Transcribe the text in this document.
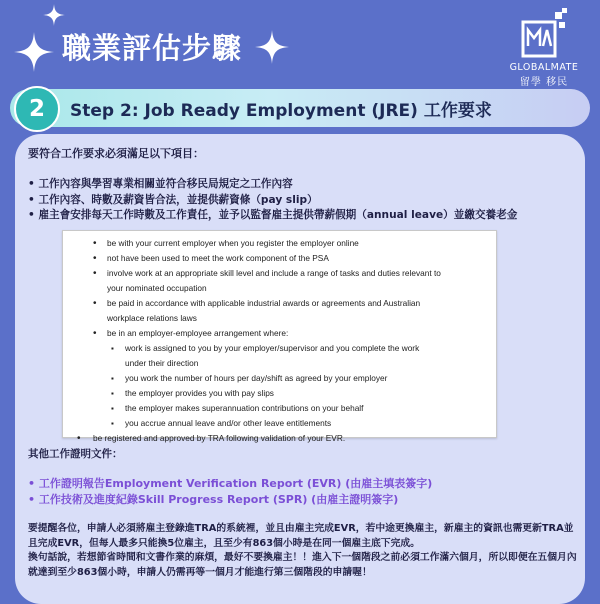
職業評估步驟
GLOBALMATE
留學 移民
2	Step 2: Job Ready Employment (JRE) 工作要求
要符合工作要求必須滿足以下項目：
• 工作內容與學習專業相關並符合移民局規定之工作內容
• 工作內容、時數及薪資皆合法，並提供薪資條（pay slip）
• 雇主會安排每天工作時數及工作責任，並予以監督雇主提供帶薪假期（annual leave）並繳交養老金
• be with your current employer when you register the employer online
• not have been used to meet the work component of the PSA
• involve work at an appropriate skill level and include a range of tasks and duties relevant to
your nominated occupation
• be paid in accordance with applicable industrial awards or agreements and Australian
workplace relations laws
• be in an employer-employee arrangement where:
▪ work is assigned to you by your employer/supervisor and you complete the work
under their direction
▪ you work the number of hours per day/shift as agreed by your employer
▪ the employer provides you with pay slips
▪ the employer makes superannuation contributions on your behalf
▪ you accrue annual leave and/or other leave entitlements
• be registered and approved by TRA following validation of your EVR.
其他工作證明文件：
• 工作證明報告Employment Verification Report (EVR) (由雇主填表簽字)
• 工作技術及進度紀錄Skill Progress Report (SPR) (由雇主證明簽字)

要提醒各位，申請人必須將雇主登錄進TRA的系統裡，並且由雇主完成EVR，若中途更換雇主，新雇主的資訊也需更新TRA並且完成EVR，但每人最多只能換5位雇主，且至少有863個小時是在同一個雇主底下完成。

換句話說，若想節省時間和文書作業的麻煩，最好不要換雇主！！進入下一個階段之前必須工作滿六個月，所以即便在五個月內就達到至少863個小時，申請人仍需再等一個月才能進行第三個階段的申請喔！
